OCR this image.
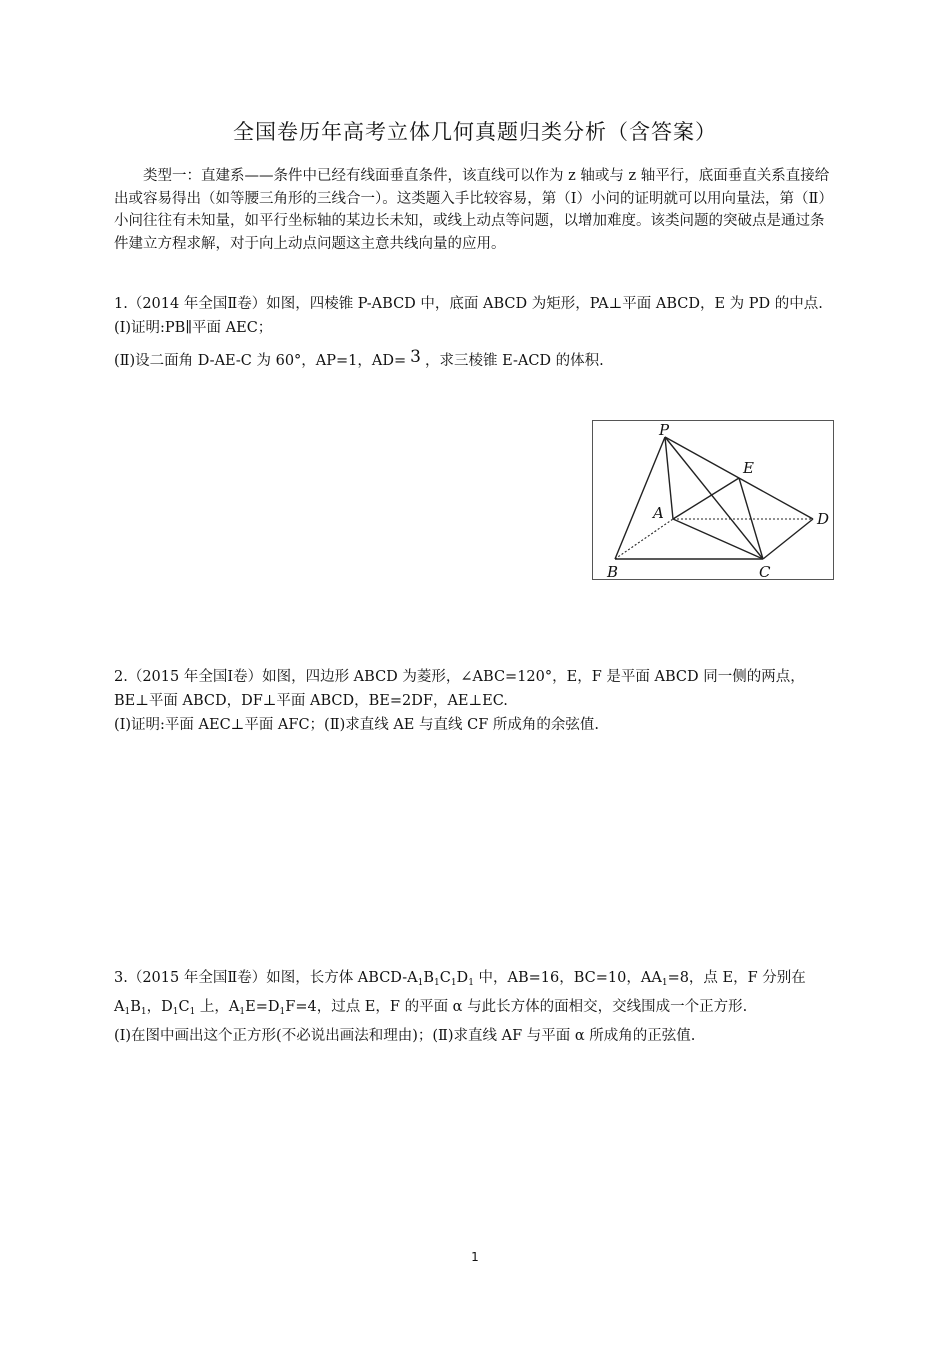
全国卷历年高考立体几何真题归类分析（含答案）

类型一：直建系——条件中已经有线面垂直条件，该直线可以作为 z 轴或与 z 轴平行，底面垂直关系直接给出或容易得出（如等腰三角形的三线合一）。这类题入手比较容易，第（Ⅰ）小问的证明就可以用向量法，第（Ⅱ）小问往往有未知量，如平行坐标轴的某边长未知，或线上动点等问题，以增加难度。该类问题的突破点是通过条件建立方程求解，对于向上动点问题这主意共线向量的应用。

1.（2014 年全国Ⅱ卷）如图，四棱锥 P-ABCD 中，底面 ABCD 为矩形，PA⊥平面 ABCD，E 为 PD 的中点.

(Ⅰ)证明:PB∥平面 AEC；

(Ⅱ)设二面角 D-AE-C 为 60°，AP=1，AD= 3 ，求三棱锥 E-ACD 的体积.

P
E
A	D
B	C

2.（2015 年全国Ⅰ卷）如图，四边形 ABCD 为菱形，∠ABC=120°，E，F 是平面 ABCD 同一侧的两点，BE⊥平面 ABCD，DF⊥平面 ABCD，BE=2DF，AE⊥EC.

(Ⅰ)证明:平面 AEC⊥平面 AFC；(Ⅱ)求直线 AE 与直线 CF 所成角的余弦值.

3.（2015 年全国Ⅱ卷）如图，长方体 ABCD-$A_1B_1C_1D_1$ 中，AB=16，BC=10，$AA_1=8$，点 E，F 分别在 $A_1B_1$，$D_1C_1$ 上，$A_1E=D_1F=4$，过点 E，F 的平面 α 与此长方体的面相交，交线围成一个正方形.

(Ⅰ)在图中画出这个正方形(不必说出画法和理由)；(Ⅱ)求直线 AF 与平面 α 所成角的正弦值.

1
